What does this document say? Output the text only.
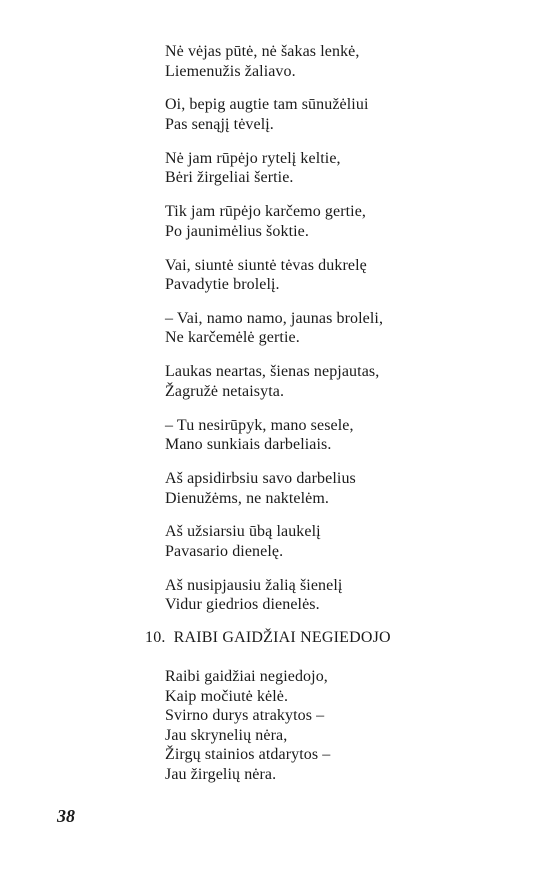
Nė vėjas pūtė, nė šakas lenkė,
Liemenužis žaliavo.
Oi, bepig augtie tam sūnužėliui
Pas senąjį tėvelį.
Nė jam rūpėjo rytelį keltie,
Bėri žirgeliai šertie.
Tik jam rūpėjo karčemo gertie,
Po jaunimėlius šoktie.
Vai, siuntė siuntė tėvas dukrelę
Pavadytie brolelį.
– Vai, namo namo, jaunas broleli,
Ne karčemėlė gertie.
Laukas neartas, šienas nepjautas,
Žagružė netaisyta.
– Tu nesirūpyk, mano sesele,
Mano sunkiais darbeliais.
Aš apsidirbsiu savo darbelius
Dienužėms, ne naktelėm.
Aš užsiarsiu ūbą laukelį
Pavasario dienelę.
Aš nusipjausiu žalią šienelį
Vidur giedrios dienelės.
10. RAIBI GAIDŽIAI NEGIEDOJO
Raibi gaidžiai negiedojo,
Kaip močiutė kėlė.
Svirno durys atrakytos –
Jau skrynelių nėra,
Žirgų stainios atdarytos –
Jau žirgelių nėra.
38
